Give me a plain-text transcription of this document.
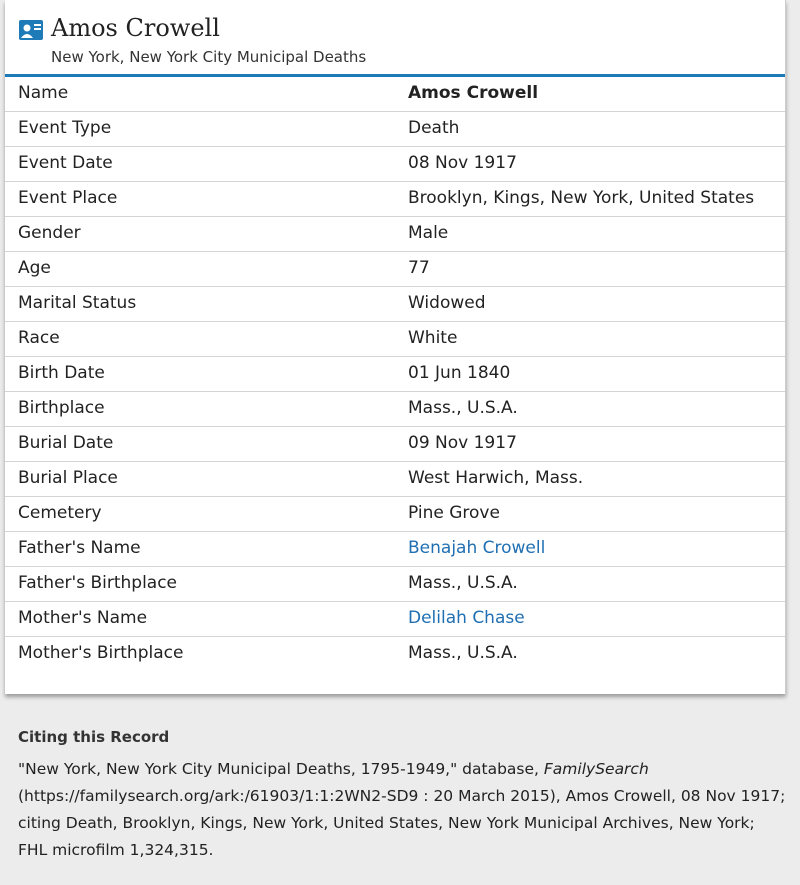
Amos Crowell
New York, New York City Municipal Deaths
Name	Amos Crowell
Event Type	Death
Event Date	08 Nov 1917
Event Place	Brooklyn, Kings, New York, United States
Gender	Male
Age	77
Marital Status	Widowed
Race	White
Birth Date	01 Jun 1840
Birthplace	Mass., U.S.A.
Burial Date	09 Nov 1917
Burial Place	West Harwich, Mass.
Cemetery	Pine Grove
Father's Name	Benajah Crowell
Father's Birthplace	Mass., U.S.A.
Mother's Name	Delilah Chase
Mother's Birthplace	Mass., U.S.A.
Citing this Record

"New York, New York City Municipal Deaths, 1795-1949," database, FamilySearch (https://familysearch.org/ark:/61903/1:1:2WN2-SD9 : 20 March 2015), Amos Crowell, 08 Nov 1917; citing Death, Brooklyn, Kings, New York, United States, New York Municipal Archives, New York; FHL microfilm 1,324,315.
